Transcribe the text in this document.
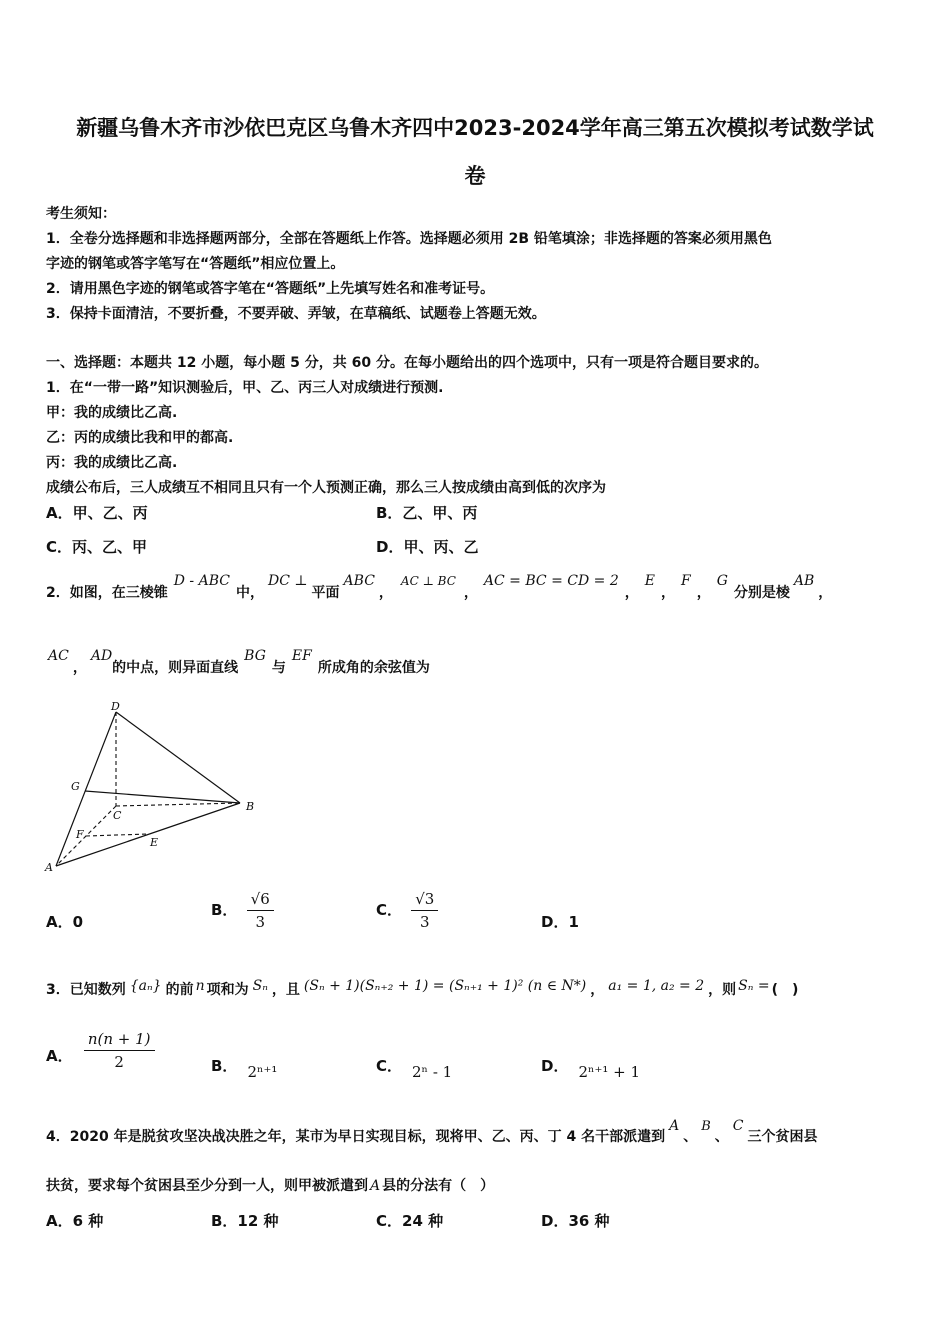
新疆乌鲁木齐市沙依巴克区乌鲁木齐四中2023-2024学年高三第五次模拟考试数学试
卷
考生须知：
1．全卷分选择题和非选择题两部分，全部在答题纸上作答。选择题必须用 2B 铅笔填涂；非选择题的答案必须用黑色
字迹的钢笔或答字笔写在“答题纸”相应位置上。
2．请用黑色字迹的钢笔或答字笔在“答题纸”上先填写姓名和准考证号。
3．保持卡面清洁，不要折叠，不要弄破、弄皱，在草稿纸、试题卷上答题无效。
一、选择题：本题共 12 小题，每小题 5 分，共 60 分。在每小题给出的四个选项中，只有一项是符合题目要求的。
1．在“一带一路”知识测验后，甲、乙、丙三人对成绩进行预测.
甲：我的成绩比乙高.
乙：丙的成绩比我和甲的都高.
丙：我的成绩比乙高.
成绩公布后，三人成绩互不相同且只有一个人预测正确，那么三人按成绩由高到低的次序为
A．甲、乙、丙	B．乙、甲、丙
C．丙、乙、甲	D．甲、丙、乙
2．如图，在三棱锥D - ABC中，DC ⊥平面ABC，AC ⊥ BC，AC = BC = CD = 2，E，F，G分别是棱AB，
AC，AD的中点，则异面直线BG与EF所成角的余弦值为
D
G
C
B
F
E
A
A．0
B． $\frac{√6}{3}$	C． $\frac{√3}{3}$	D．1
3．已知数列 {aₙ} 的前 n 项和为 Sₙ ，且 (Sₙ + 1)(Sₙ₊₂ + 1) = (Sₙ₊₁ + 1)² (n ∈ N*) ， a₁ = 1, a₂ = 2 ，则 Sₙ = (　)
A． $\frac{n(n + 1)}{2}$	B． 2ⁿ⁺¹	C． 2ⁿ - 1	D． 2ⁿ⁺¹ + 1
4．2020 年是脱贫攻坚决战决胜之年，某市为早日实现目标，现将甲、乙、丙、丁 4 名干部派遣到A、B、C三个贫困县
扶贫，要求每个贫困县至少分到一人，则甲被派遣到 A 县的分法有（　）
A．6 种	B．12 种	C．24 种	D．36 种
